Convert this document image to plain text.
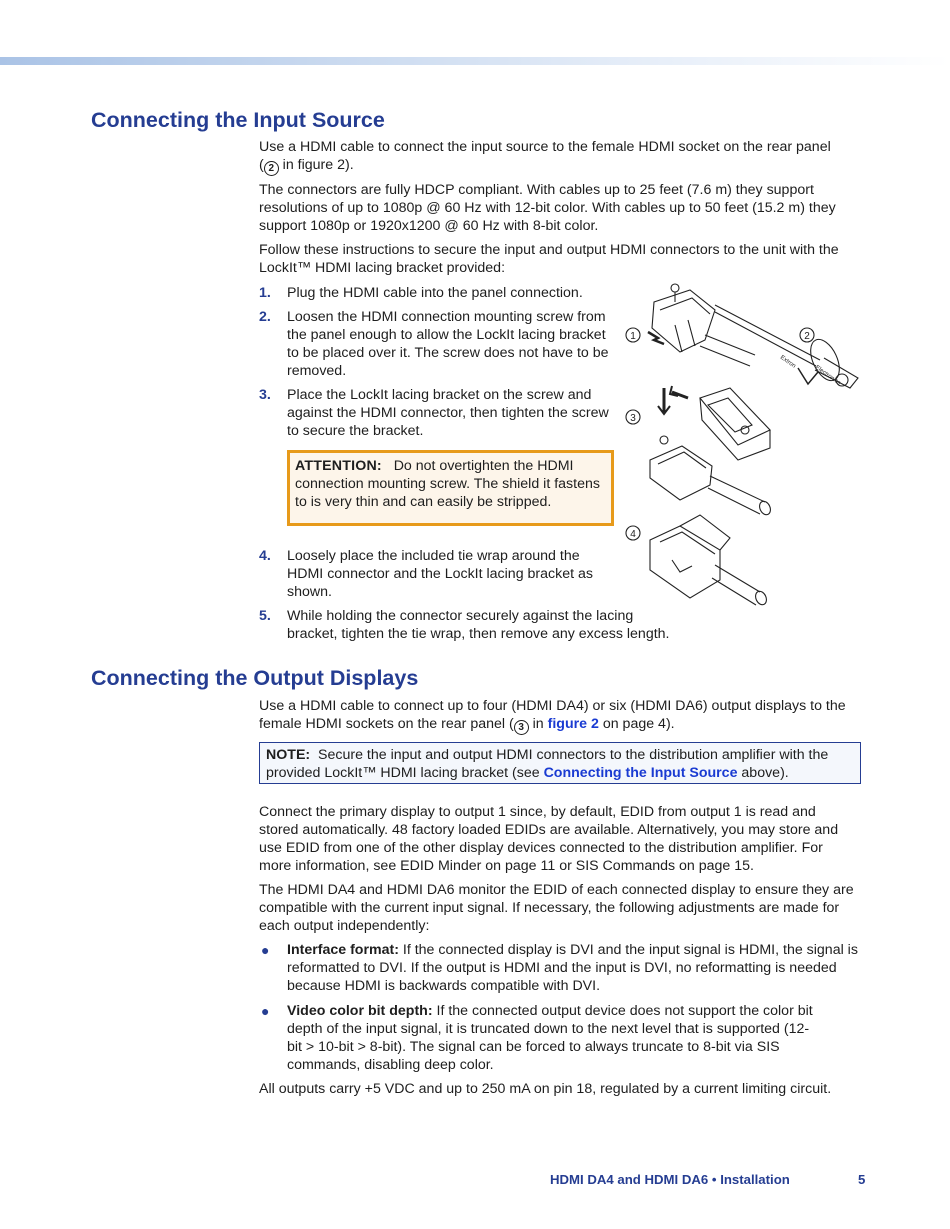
Connecting the Input Source

Use a HDMI cable to connect the input source to the female HDMI socket on the rear panel
( 2 in figure 2).

The connectors are fully HDCP compliant. With cables up to 25 feet (7.6 m) they support resolutions of up to 1080p @ 60 Hz with 12-bit color. With cables up to 50 feet (15.2 m) they support 1080p or 1920x1200 @ 60 Hz with 8-bit color.

Follow these instructions to secure the input and output HDMI connectors to the unit with the LockIt™ HDMI lacing bracket provided:

1. Plug the HDMI cable into the panel connection.
2. Loosen the HDMI connection mounting screw from the panel enough to allow the LockIt lacing bracket to be placed over it. The screw does not have to be removed.
3. Place the LockIt lacing bracket on the screw and against the HDMI connector, then tighten the screw to secure the bracket.
ATTENTION: Do not overtighten the HDMI connection mounting screw. The shield it fastens to is very thin and can easily be stripped.
4. Loosely place the included tie wrap around the HDMI connector and the LockIt lacing bracket as shown.
5. While holding the connector securely against the lacing bracket, tighten the tie wrap, then remove any excess length.
1
Extron
Electronics
2
3
4
Connecting the Output Displays

Use a HDMI cable to connect up to four (HDMI DA4) or six (HDMI DA6) output displays to the female HDMI sockets on the rear panel ( 3 in figure 2 on page 4).

NOTE: Secure the input and output HDMI connectors to the distribution amplifier with the provided LockIt™ HDMI lacing bracket (see Connecting the Input Source above).

Connect the primary display to output 1 since, by default, EDID from output 1 is read and stored automatically. 48 factory loaded EDIDs are available. Alternatively, you may store and use EDID from one of the other display devices connected to the distribution amplifier. For more information, see EDID Minder on page 11 or SIS Commands on page 15.

The HDMI DA4 and HDMI DA6 monitor the EDID of each connected display to ensure they are compatible with the current input signal. If necessary, the following adjustments are made for each output independently:

● Interface format: If the connected display is DVI and the input signal is HDMI, the signal is reformatted to DVI. If the output is HDMI and the input is DVI, no reformatting is needed because HDMI is backwards compatible with DVI.
● Video color bit depth: If the connected output device does not support the color bit depth of the input signal, it is truncated down to the next level that is supported (12-bit > 10-bit > 8-bit). The signal can be forced to always truncate to 8-bit via SIS commands, disabling deep color.

All outputs carry +5 VDC and up to 250 mA on pin 18, regulated by a current limiting circuit.

HDMI DA4 and HDMI DA6 • Installation	5
